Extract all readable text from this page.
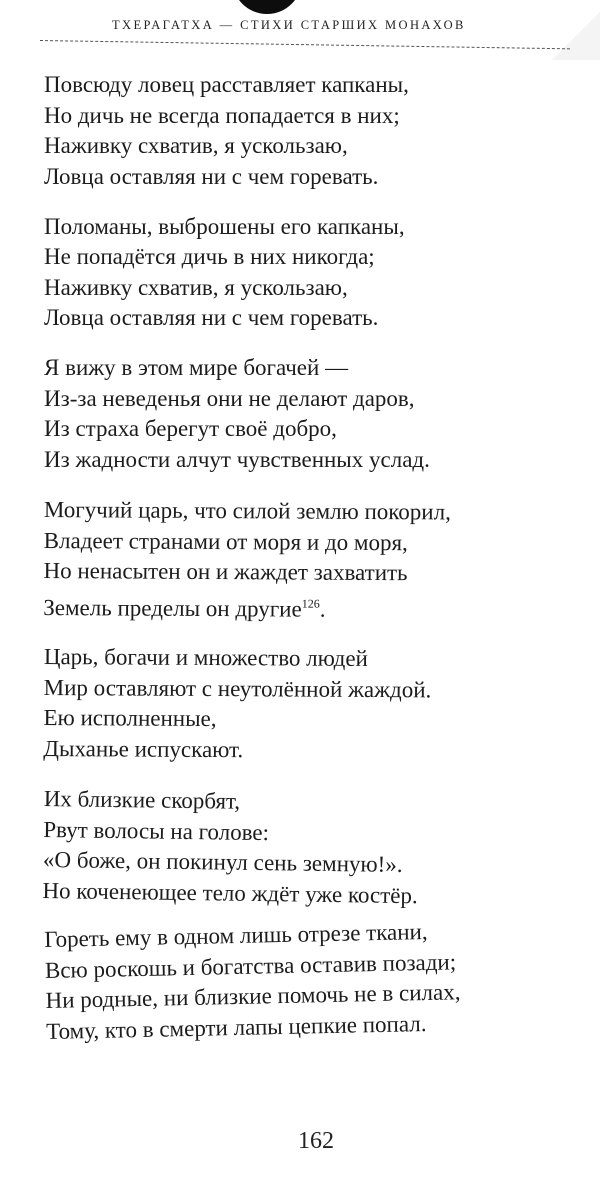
ТХЕРАГАТХА — СТИХИ СТАРШИХ МОНАХОВ
Повсюду ловец расставляет капканы,
Но дичь не всегда попадается в них;
Наживку схватив, я ускользаю,
Ловца оставляя ни с чем горевать.
Поломаны, выброшены его капканы,
Не попадётся дичь в них никогда;
Наживку схватив, я ускользаю,
Ловца оставляя ни с чем горевать.
Я вижу в этом мире богачей —
Из-за неведенья они не делают даров,
Из страха берегут своё добро,
Из жадности алчут чувственных услад.
Могучий царь, что силой землю покорил,
Владеет странами от моря и до моря,
Но ненасытен он и жаждет захватить
Земель пределы он другие$^{126}$.
Царь, богачи и множество людей
Мир оставляют с неутолённой жаждой.
Ею исполненные,
Дыханье испускают.
Их близкие скорбят,
Рвут волосы на голове:
«О боже, он покинул сень земную!».
Но коченеющее тело ждёт уже костёр.
Гореть ему в одном лишь отрезе ткани,
Всю роскошь и богатства оставив позади;
Ни родные, ни близкие помочь не в силах,
Тому, кто в смерти лапы цепкие попал.
162
